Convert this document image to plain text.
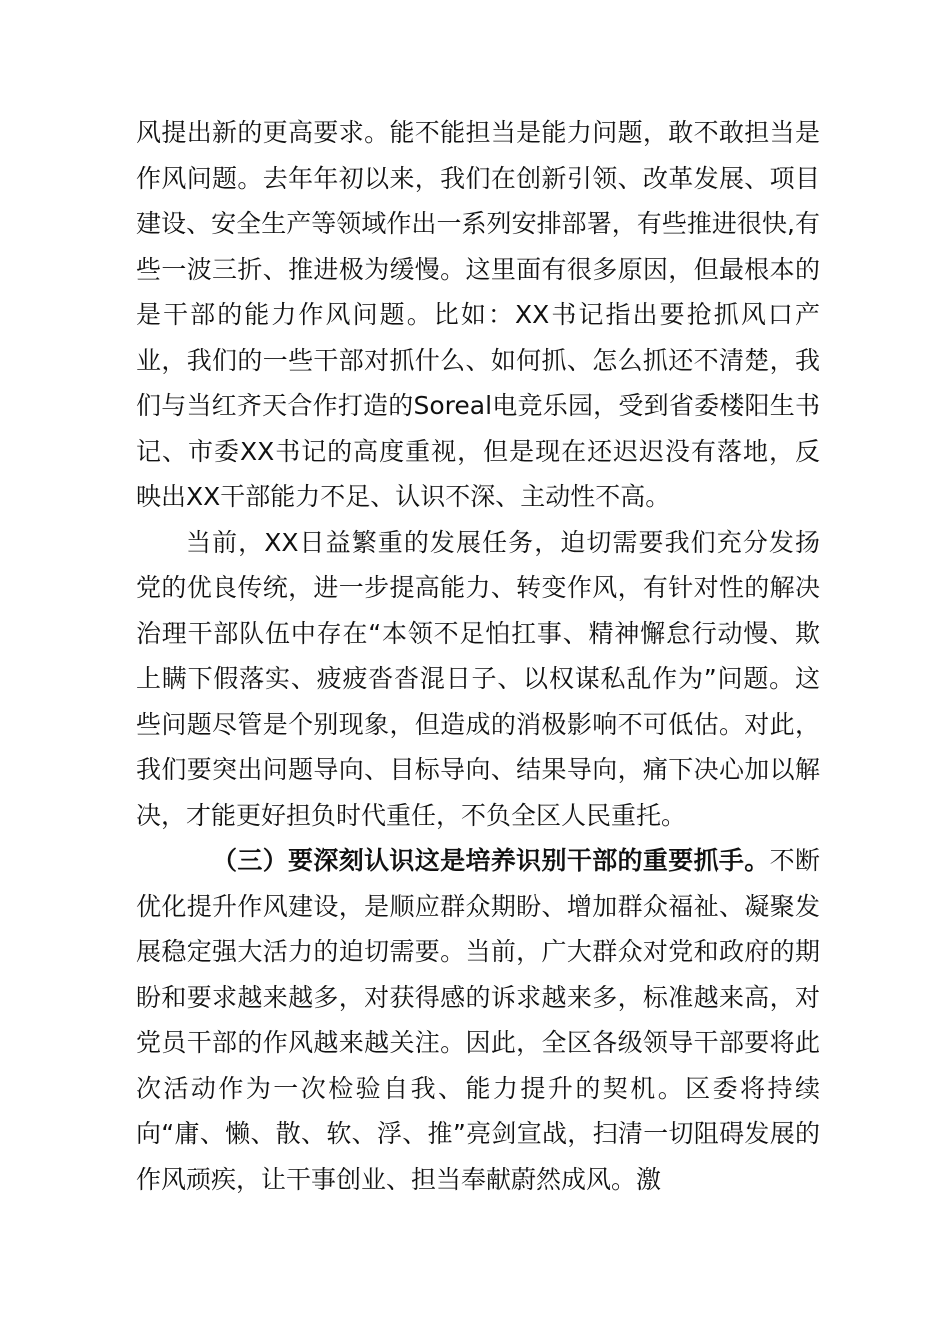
风提出新的更高要求。能不能担当是能力问题，敢不敢担当是作风问题。去年年初以来，我们在创新引领、改革发展、项目建设、安全生产等领域作出一系列安排部署，有些推进很快,有些一波三折、推进极为缓慢。这里面有很多原因，但最根本的是干部的能力作风问题。比如：XX书记指出要抢抓风口产业，我们的一些干部对抓什么、如何抓、怎么抓还不清楚，我们与当红齐天合作打造的Soreal电竞乐园，受到省委楼阳生书记、市委XX书记的高度重视，但是现在还迟迟没有落地，反映出XX干部能力不足、认识不深、主动性不高。

当前，XX日益繁重的发展任务，迫切需要我们充分发扬党的优良传统，进一步提高能力、转变作风，有针对性的解决治理干部队伍中存在“本领不足怕扛事、精神懈怠行动慢、欺上瞒下假落实、疲疲沓沓混日子、以权谋私乱作为”问题。这些问题尽管是个别现象，但造成的消极影响不可低估。对此，我们要突出问题导向、目标导向、结果导向，痛下决心加以解决，才能更好担负时代重任，不负全区人民重托。

（三）要深刻认识这是培养识别干部的重要抓手。不断优化提升作风建设，是顺应群众期盼、增加群众福祉、凝聚发展稳定强大活力的迫切需要。当前，广大群众对党和政府的期盼和要求越来越多，对获得感的诉求越来多，标准越来高，对党员干部的作风越来越关注。因此，全区各级领导干部要将此次活动作为一次检验自我、能力提升的契机。区委将持续向“庸、懒、散、软、浮、推”亮剑宣战，扫清一切阻碍发展的作风顽疾，让干事创业、担当奉献蔚然成风。激
